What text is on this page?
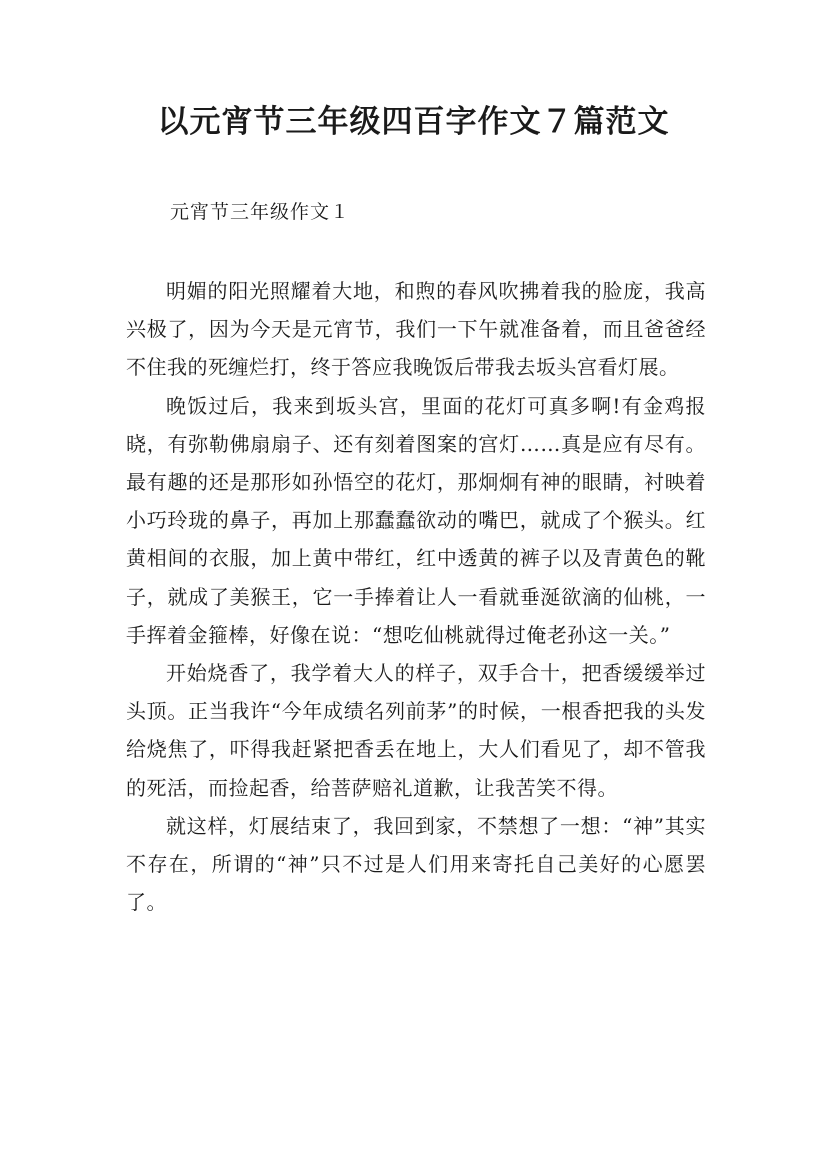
以元宵节三年级四百字作文７篇范文

元宵节三年级作文１

明媚的阳光照耀着大地，和煦的春风吹拂着我的脸庞，我高兴极了，因为今天是元宵节，我们一下午就准备着，而且爸爸经不住我的死缠烂打，终于答应我晚饭后带我去坂头宫看灯展。

晚饭过后，我来到坂头宫，里面的花灯可真多啊!有金鸡报晓，有弥勒佛扇扇子、还有刻着图案的宫灯……真是应有尽有。最有趣的还是那形如孙悟空的花灯，那炯炯有神的眼睛，衬映着小巧玲珑的鼻子，再加上那蠢蠢欲动的嘴巴，就成了个猴头。红黄相间的衣服，加上黄中带红，红中透黄的裤子以及青黄色的靴子，就成了美猴王，它一手捧着让人一看就垂涎欲滴的仙桃，一手挥着金箍棒，好像在说：“想吃仙桃就得过俺老孙这一关。”

开始烧香了，我学着大人的样子，双手合十，把香缓缓举过头顶。正当我许“今年成绩名列前茅”的时候，一根香把我的头发给烧焦了，吓得我赶紧把香丢在地上，大人们看见了，却不管我的死活，而捡起香，给菩萨赔礼道歉，让我苦笑不得。

就这样，灯展结束了，我回到家，不禁想了一想：“神”其实不存在，所谓的“神”只不过是人们用来寄托自己美好的心愿罢了。
